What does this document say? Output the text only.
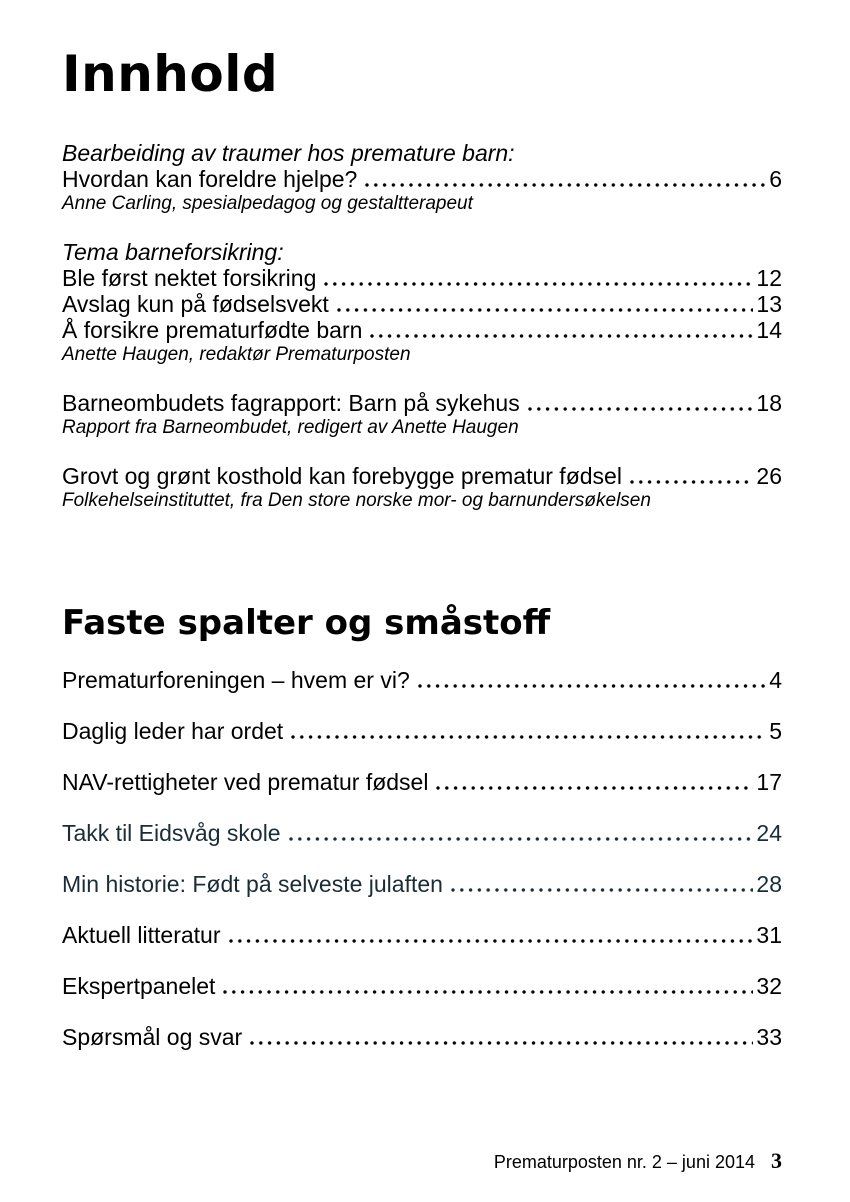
Innhold
Bearbeiding av traumer hos premature barn:
Hvordan kan foreldre hjelpe?	6
Anne Carling, spesialpedagog og gestaltterapeut
Tema barneforsikring:
Ble først nektet forsikring	12
Avslag kun på fødselsvekt	13
Å forsikre prematurfødte barn	14
Anette Haugen, redaktør Prematurposten
Barneombudets fagrapport: Barn på sykehus	18
Rapport fra Barneombudet, redigert av Anette Haugen
Grovt og grønt kosthold kan forebygge prematur fødsel	26
Folkehelseinstituttet, fra Den store norske mor- og barnundersøkelsen
Faste spalter og småstoff
Prematurforeningen – hvem er vi?	4
Daglig leder har ordet	5
NAV-rettigheter ved prematur fødsel	17
Takk til Eidsvåg skole	24
Min historie: Født på selveste julaften	28
Aktuell litteratur	31
Ekspertpanelet	32
Spørsmål og svar	33
Prematurposten nr. 2 – juni 2014 3
